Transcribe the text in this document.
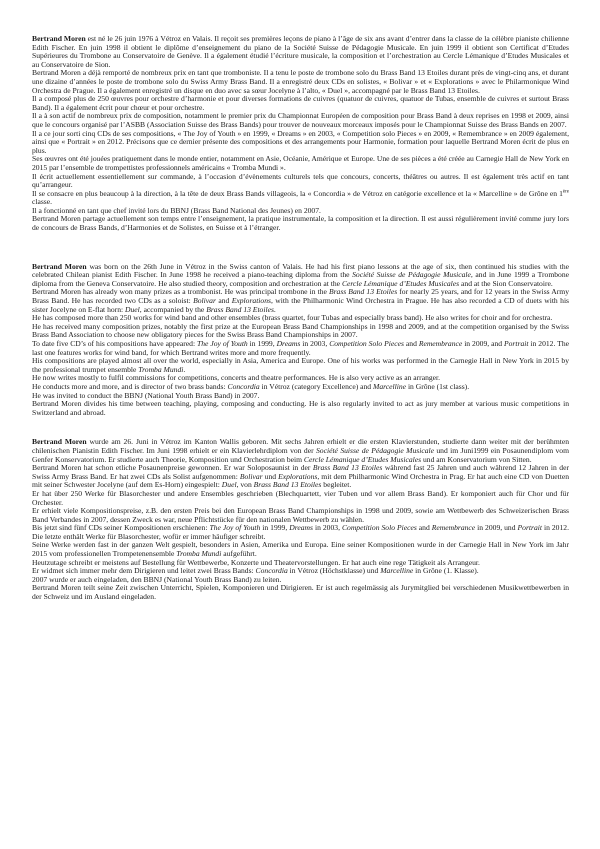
Bertrand Moren est né le 26 juin 1976 à Vétroz en Valais. Il reçoit ses premières leçons de piano à l’âge de six ans avant d’entrer dans la classe de la célèbre pianiste chilienne Edith Fischer. En juin 1998 il obtient le diplôme d’enseignement du piano de la Société Suisse de Pédagogie Musicale. En juin 1999 il obtient son Certificat d’Etudes Supérieures du Trombone au Conservatoire de Genève. Il a également étudié l’écriture musicale, la composition et l’orchestration au Cercle Lémanique d’Etudes Musicales et au Conservatoire de Sion.

Bertrand Moren a déjà remporté de nombreux prix en tant que tromboniste. Il a tenu le poste de trombone solo du Brass Band 13 Etoiles durant près de vingt-cinq ans, et durant une dizaine d’années le poste de trombone solo du Swiss Army Brass Band. Il a enregistré deux CDs en solistes, « Bolivar » et « Explorations » avec le Philarmonique Wind Orchestra de Prague. Il a également enregistré un disque en duo avec sa sœur Jocelyne à l’alto, « Duel », accompagné par le Brass Band 13 Etoiles.

Il a composé plus de 250 œuvres pour orchestre d’harmonie et pour diverses formations de cuivres (quatuor de cuivres, quatuor de Tubas, ensemble de cuivres et surtout Brass Band). Il a également écrit pour chœur et pour orchestre.

Il a à son actif de nombreux prix de composition, notamment le premier prix du Championnat Européen de composition pour Brass Band à deux reprises en 1998 et 2009, ainsi que le concours organisé par l’ASBB (Association Suisse des Brass Bands) pour trouver de nouveaux morceaux imposés pour le Championnat Suisse des Brass Bands en 2007.

Il a ce jour sorti cinq CDs de ses compositions, « The Joy of Youth » en 1999, « Dreams » en 2003, « Competition solo Pieces » en 2009, « Remembrance » en 2009 également, ainsi que « Portrait » en 2012. Précisons que ce dernier présente des compositions et des arrangements pour Harmonie, formation pour laquelle Bertrand Moren écrit de plus en plus.

Ses œuvres ont été jouées pratiquement dans le monde entier, notamment en Asie, Océanie, Amérique et Europe. Une de ses pièces a été créée au Carnegie Hall de New York en 2015 par l’ensemble de trompettistes professionnels américains « Tromba Mundi ».

Il écrit actuellement essentiellement sur commande, à l’occasion d’évènements culturels tels que concours, concerts, théâtres ou autres. Il est également très actif en tant qu’arrangeur.

Il se consacre en plus beaucoup à la direction, à la tête de deux Brass Bands villageois, la « Concordia » de Vétroz en catégorie excellence et la « Marcelline » de Grône en 1ère classe.

Il a fonctionné en tant que chef invité lors du BBNJ (Brass Band National des Jeunes) en 2007.

Bertrand Moren partage actuellement son temps entre l’enseignement, la pratique instrumentale, la composition et la direction. Il est aussi régulièrement invité comme jury lors de concours de Brass Bands, d’Harmonies et de Solistes, en Suisse et à l’étranger.

Bertrand Moren was born on the 26th June in Vétroz in the Swiss canton of Valais. He had his first piano lessons at the age of six, then continued his studies with the celebrated Chilean pianist Edith Fischer. In June 1998 he received a piano-teaching diploma from the Société Suisse de Pédagogie Musicale, and in June 1999 a Trombone diploma from the Geneva Conservatoire. He also studied theory, composition and orchestration at the Cercle Lémanique d’Etudes Musicales and at the Sion Conservatoire.

Bertrand Moren has already won many prizes as a trombonist. He was principal trombone in the Brass Band 13 Etoiles for nearly 25 years, and for 12 years in the Swiss Army Brass Band. He has recorded two CDs as a soloist: Bolivar and Explorations, with the Philharmonic Wind Orchestra in Prague. He has also recorded a CD of duets with his sister Jocelyne on E-flat horn: Duel, accompanied by the Brass Band 13 Etoiles.

He has composed more than 250 works for wind band and other ensembles (brass quartet, four Tubas and especially brass band). He also writes for choir and for orchestra.

He has received many composition prizes, notably the first prize at the European Brass Band Championships in 1998 and 2009, and at the competition organised by the Swiss Brass Band Association to choose new obligatory pieces for the Swiss Brass Band Championships in 2007.

To date five CD’s of his compositions have appeared: The Joy of Youth in 1999, Dreams in 2003, Competition Solo Pieces and Remembrance in 2009, and Portrait in 2012. The last one features works for wind band, for which Bertrand writes more and more frequently.

His compositions are played almost all over the world, especially in Asia, America and Europe. One of his works was performed in the Carnegie Hall in New York in 2015 by the professional trumpet ensemble Tromba Mundi.

He now writes mostly to fulfil commissions for competitions, concerts and theatre performances. He is also very active as an arranger.

He conducts more and more, and is director of two brass bands: Concordia in Vétroz (category Excellence) and Marcelline in Grône (1st class).

He was invited to conduct the BBNJ (National Youth Brass Band) in 2007.

Bertrand Moren divides his time between teaching, playing, composing and conducting. He is also regularly invited to act as jury member at various music competitions in Switzerland and abroad.

Bertrand Moren wurde am 26. Juni in Vétroz im Kanton Wallis geboren. Mit sechs Jahren erhielt er die ersten Klavierstunden, studierte dann weiter mit der berühmten chilenischen Pianistin Edith Fischer. Im Juni 1998 erhielt er ein Klavierlehrdiplom von der Société Suisse de Pédagogie Musicale und im Juni1999 ein Posaunendiplom vom Genfer Konservatorium. Er studierte auch Theorie, Komposition und Orchestration beim Cercle Lémanique d’Etudes Musicales und am Konservatorium von Sitten.

Bertrand Moren hat schon etliche Posaunenpreise gewonnen. Er war Soloposaunist in der Brass Band 13 Etoiles während fast 25 Jahren und auch während 12 Jahren in der Swiss Army Brass Band. Er hat zwei CDs als Solist aufgenommen: Bolivar und Explorations, mit dem Philharmonic Wind Orchestra in Prag. Er hat auch eine CD von Duetten mit seiner Schwester Jocelyne (auf dem Es-Horn) eingespielt: Duel, von Brass Band 13 Etoiles begleitet.

Er hat über 250 Werke für Blasorchester und andere Ensembles geschrieben (Blechquartett, vier Tuben und vor allem Brass Band). Er komponiert auch für Chor und für Orchester.

Er erhielt viele Kompositionspreise, z.B. den ersten Preis bei den European Brass Band Championships in 1998 und 2009, sowie am Wettbewerb des Schweizerischen Brass Band Verbandes in 2007, dessen Zweck es war, neue Pflichtstücke für den nationalen Wettbewerb zu wählen.

Bis jetzt sind fünf CDs seiner Kompositionen erschienen: The Joy of Youth in 1999, Dreams in 2003, Competition Solo Pieces and Remembrance in 2009, und Portrait in 2012. Die letzte enthält Werke für Blasorchester, wofür er immer häufiger schreibt.

Seine Werke werden fast in der ganzen Welt gespielt, besonders in Asien, Amerika und Europa. Eine seiner Kompositionen wurde in der Carnegie Hall in New York im Jahr 2015 vom professionellen Trompetenensemble Tromba Mundi aufgeführt.

Heutzutage schreibt er meistens auf Bestellung für Wettbewerbe, Konzerte und Theatervorstellungen. Er hat auch eine rege Tätigkeit als Arrangeur.

Er widmet sich immer mehr dem Dirigieren und leitet zwei Brass Bands: Concordia in Vétroz (Höchstklasse) und Marcelline in Grône (1. Klasse).

2007 wurde er auch eingeladen, den BBNJ (National Youth Brass Band) zu leiten.

Bertrand Moren teilt seine Zeit zwischen Unterricht, Spielen, Komponieren und Dirigieren. Er ist auch regelmässig als Jurymitglied bei verschiedenen Musikwettbewerben in der Schweiz und im Ausland eingeladen.
